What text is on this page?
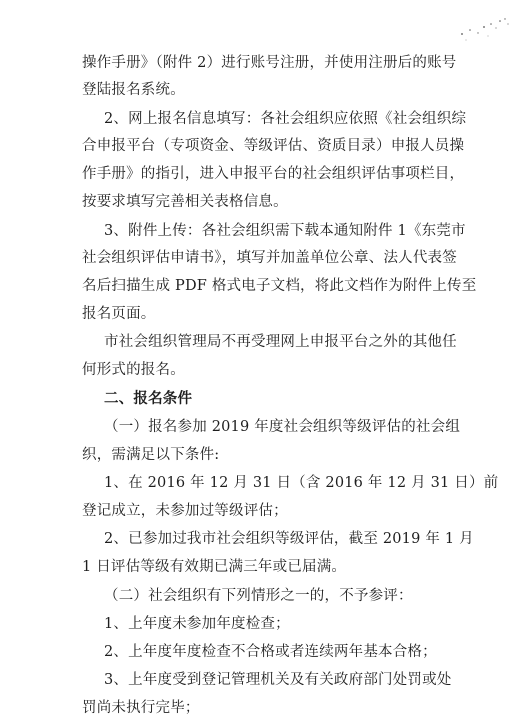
操作手册》（附件 2）进行账号注册，并使用注册后的账号
登陆报名系统。
2、网上报名信息填写：各社会组织应依照《社会组织综
合申报平台（专项资金、等级评估、资质目录）申报人员操
作手册》的指引，进入申报平台的社会组织评估事项栏目，
按要求填写完善相关表格信息。
3、附件上传：各社会组织需下载本通知附件 1《东莞市
社会组织评估申请书》，填写并加盖单位公章、法人代表签
名后扫描生成 PDF 格式电子文档，将此文档作为附件上传至
报名页面。
市社会组织管理局不再受理网上申报平台之外的其他任
何形式的报名。
二、报名条件
（一）报名参加 2019 年度社会组织等级评估的社会组
织，需满足以下条件:
1、在 2016 年 12 月 31 日（含 2016 年 12 月 31 日）前
登记成立，未参加过等级评估；
2、已参加过我市社会组织等级评估，截至 2019 年 1 月
1 日评估等级有效期已满三年或已届满。
（二）社会组织有下列情形之一的，不予参评：
1、上年度未参加年度检查；
2、上年度年度检查不合格或者连续两年基本合格；
3、上年度受到登记管理机关及有关政府部门处罚或处
罚尚未执行完毕；
